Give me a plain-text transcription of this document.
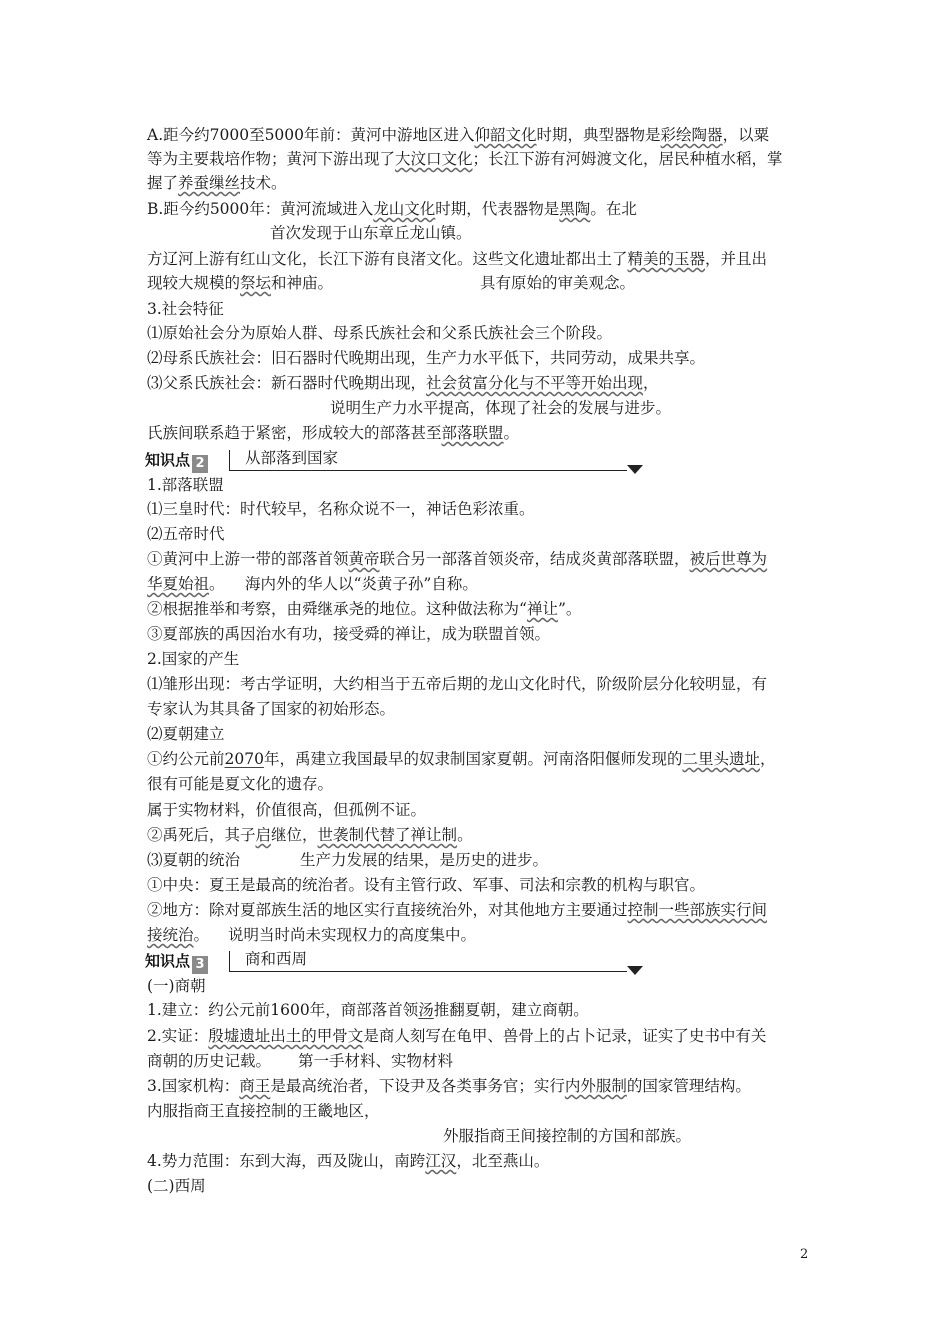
A.距今约7000至5000年前：黄河中游地区进入仰韶文化时期，典型器物是彩绘陶器，以粟
等为主要栽培作物；黄河下游出现了大汶口文化；长江下游有河姆渡文化，居民种植水稻，掌
握了养蚕缫丝技术。
B.距今约5000年：黄河流域进入龙山文化时期，代表器物是黑陶。在北
首次发现于山东章丘龙山镇。
方辽河上游有红山文化，长江下游有良渚文化。这些文化遗址都出土了精美的玉器，并且出
现较大规模的祭坛和神庙。	具有原始的审美观念。
3.社会特征
⑴原始社会分为原始人群、母系氏族社会和父系氏族社会三个阶段。
⑵母系氏族社会：旧石器时代晚期出现，生产力水平低下，共同劳动，成果共享。
⑶父系氏族社会：新石器时代晚期出现，社会贫富分化与不平等开始出现，
说明生产力水平提高，体现了社会的发展与进步。
氏族间联系趋于紧密，形成较大的部落甚至部落联盟。
1.部落联盟
⑴三皇时代：时代较早，名称众说不一，神话色彩浓重。
⑵五帝时代
①黄河中上游一带的部落首领黄帝联合另一部落首领炎帝，结成炎黄部落联盟，被后世尊为
华夏始祖。 海内外的华人以“炎黄子孙”自称。
②根据推举和考察，由舜继承尧的地位。这种做法称为“禅让”。
③夏部族的禹因治水有功，接受舜的禅让，成为联盟首领。
2.国家的产生
⑴雏形出现：考古学证明，大约相当于五帝后期的龙山文化时代，阶级阶层分化较明显，有
专家认为其具备了国家的初始形态。
⑵夏朝建立
①约公元前2070年，禹建立我国最早的奴隶制国家夏朝。河南洛阳偃师发现的二里头遗址，
很有可能是夏文化的遗存。
属于实物材料，价值很高，但孤例不证。
②禹死后，其子启继位，世袭制代替了禅让制。
⑶夏朝的统治	生产力发展的结果，是历史的进步。
①中央：夏王是最高的统治者。设有主管行政、军事、司法和宗教的机构与职官。
②地方：除对夏部族生活的地区实行直接统治外，对其他地方主要通过控制一些部族实行间
接统治。 说明当时尚未实现权力的高度集中。
(一)商朝
1.建立：约公元前1600年，商部落首领汤推翻夏朝，建立商朝。
2.实证：殷墟遗址出土的甲骨文是商人刻写在龟甲、兽骨上的占卜记录，证实了史书中有关
商朝的历史记载。 第一手材料、实物材料
3.国家机构：商王是最高统治者，下设尹及各类事务官；实行内外服制的国家管理结构。
内服指商王直接控制的王畿地区，
外服指商王间接控制的方国和部族。
4.势力范围：东到大海，西及陇山，南跨江汉，北至燕山。
(二)西周
知识点 2	从部落到国家
知识点 3	商和西周
2
